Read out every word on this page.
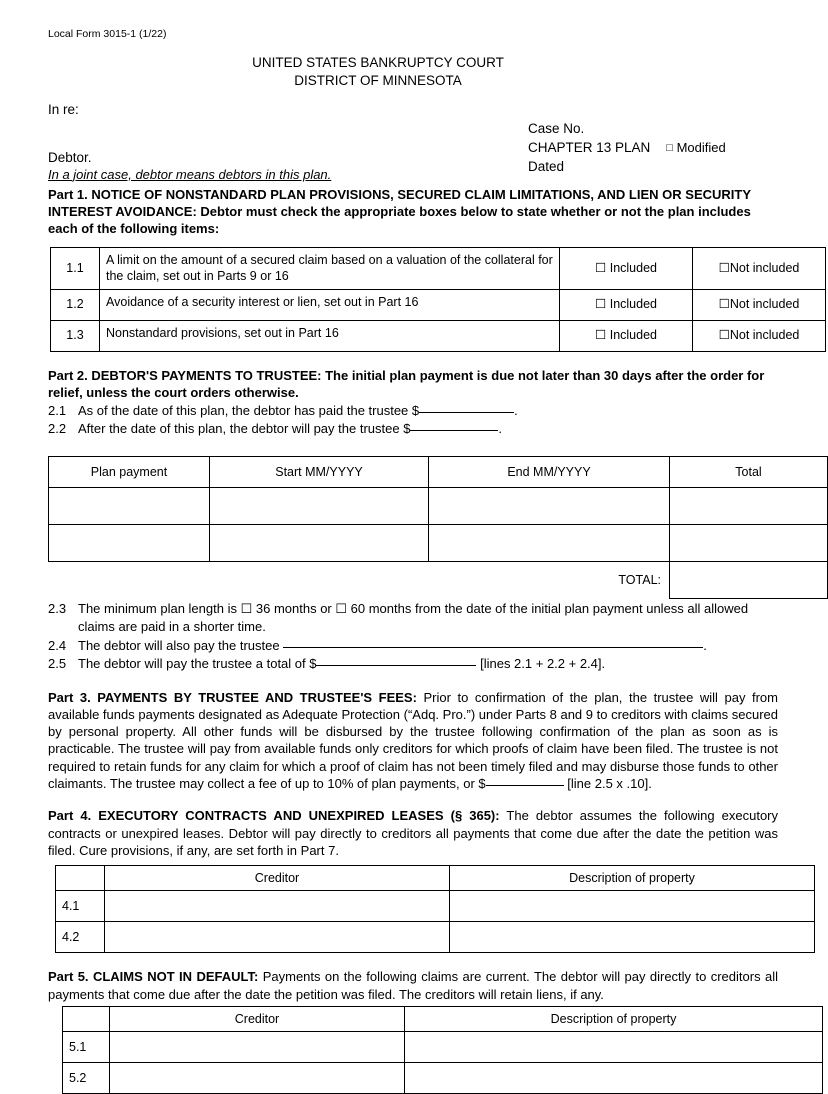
Local Form 3015-1 (1/22)
UNITED STATES BANKRUPTCY COURT
DISTRICT OF MINNESOTA
In re:
Debtor.
In a joint case, debtor means debtors in this plan.
Case No.
CHAPTER 13 PLAN □ Modified
Dated
Part 1. NOTICE OF NONSTANDARD PLAN PROVISIONS, SECURED CLAIM LIMITATIONS, AND LIEN OR SECURITY INTEREST AVOIDANCE: Debtor must check the appropriate boxes below to state whether or not the plan includes each of the following items:
1.1	A limit on the amount of a secured claim based on a valuation of the collateral for the claim, set out in Parts 9 or 16	☐ Included	☐Not included
1.2	Avoidance of a security interest or lien, set out in Part 16	☐ Included	☐Not included
1.3	Nonstandard provisions, set out in Part 16	☐ Included	☐Not included
Part 2. DEBTOR'S PAYMENTS TO TRUSTEE: The initial plan payment is due not later than 30 days after the order for relief, unless the court orders otherwise.
2.1 As of the date of this plan, the debtor has paid the trustee $	.
2.2 After the date of this plan, the debtor will pay the trustee $	.
Plan payment	Start MM/YYYY	End MM/YYYY	Total

		TOTAL:	
2.3 The minimum plan length is ☐ 36 months or ☐ 60 months from the date of the initial plan payment unless all allowed claims are paid in a shorter time.
2.4 The debtor will also pay the trustee	.
2.5 The debtor will pay the trustee a total of $	[lines 2.1 + 2.2 + 2.4].
Part 3. PAYMENTS BY TRUSTEE AND TRUSTEE'S FEES: Prior to confirmation of the plan, the trustee will pay from available funds payments designated as Adequate Protection (“Adq. Pro.”) under Parts 8 and 9 to creditors with claims secured by personal property. All other funds will be disbursed by the trustee following confirmation of the plan as soon as is practicable. The trustee will pay from available funds only creditors for which proofs of claim have been filed. The trustee is not required to retain funds for any claim for which a proof of claim has not been timely filed and may disburse those funds to other claimants. The trustee may collect a fee of up to 10% of plan payments, or $	[line 2.5 x .10].
Part 4. EXECUTORY CONTRACTS AND UNEXPIRED LEASES (§ 365): The debtor assumes the following executory contracts or unexpired leases. Debtor will pay directly to creditors all payments that come due after the date the petition was filed. Cure provisions, if any, are set forth in Part 7.
	Creditor	Description of property
4.1		
4.2		
Part 5. CLAIMS NOT IN DEFAULT: Payments on the following claims are current. The debtor will pay directly to creditors all payments that come due after the date the petition was filed. The creditors will retain liens, if any.
	Creditor	Description of property
5.1		
5.2		
